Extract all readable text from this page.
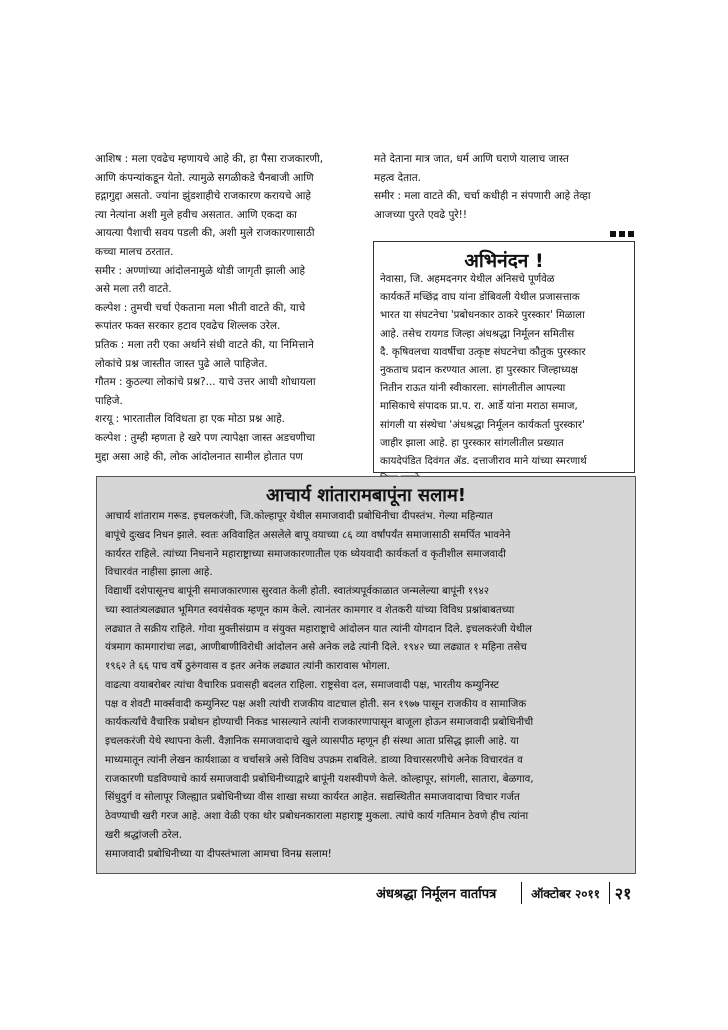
आशिष : मला एवढेच म्हणायचे आहे की, हा पैसा राजकारणी,

आणि कंपन्यांकडून येतो. त्यामुळे सगळीकडे चैनबाजी आणि

हद्गागुद्दा असतो. ज्यांना झुंडशाहीचे राजकारण करायचे आहे

त्या नेत्यांना अशी मुले हवीच असतात. आणि एकदा का

आयत्या पैशाची सवय पडली की, अशी मुले राजकारणासाठी

कच्चा मालच ठरतात.

समीर : अण्णांच्या आंदोलनामुळे थोडी जागृती झाली आहे

असे मला तरी वाटते.

कल्पेश : तुमची चर्चा ऐकताना मला भीती वाटते की, याचे

रूपांतर फक्त सरकार हटाव एवढेच शिल्लक उरेल.

प्रतिक : मला तरी एका अर्थाने संधी वाटते की, या निमित्ताने

लोकांचे प्रश्न जास्तीत जास्त पुढे आले पाहिजेत.

गौतम : कुठल्या लोकांचे प्रश्न?... याचे उत्तर आधी शोधायला

पाहिजे.

शरयू : भारतातील विविधता हा एक मोठा प्रश्न आहे.

कल्पेश : तुम्ही म्हणता हे खरे पण त्यापेक्षा जास्त अडचणीचा

मुद्दा असा आहे की, लोक आंदोलनात सामील होतात पण

मते देताना मात्र जात, धर्म आणि घराणे यालाच जास्त

महत्व देतात.

समीर : मला वाटते की, चर्चा कधीही न संपणारी आहे तेव्हा

आजच्या पुरते एवढे पुरे!!

अभिनंदन !

नेवासा, जि. अहमदनगर येथील अंनिसचे पूर्णवेळ

कार्यकर्ते मच्छिंद्र वाघ यांना डोंबिवली येथील प्रजासत्ताक

भारत या संघटनेचा 'प्रबोधनकार ठाकरे पुरस्कार' मिळाला

आहे. तसेच रायगड जिल्हा अंधश्रद्धा निर्मूलन समितीस

दै. कृषिवलचा यावर्षीचा उत्कृष्ट संघटनेचा कौतुक पुरस्कार

नुकताच प्रदान करण्यात आला. हा पुरस्कार जिल्हाध्यक्ष

नितीन राऊत यांनी स्वीकारला. सांगलीतील आपल्या

मासिकाचे संपादक प्रा.प. रा. आर्डे यांना मराठा समाज,

सांगली या संस्थेचा 'अंधश्रद्धा निर्मूलन कार्यकर्ता पुरस्कार'

जाहीर झाला आहे. हा पुरस्कार सांगलीतील प्रख्यात

कायदेपंडित दिवंगत ॲड. दत्ताजीराव माने यांच्या स्मरणार्थ

आचार्य शांतारामबापूंना सलाम!

आचार्य शांताराम गरूड. इचलकरंजी, जि.कोल्हापूर येथील समाजवादी प्रबोधिनीचा दीपस्तंभ. गेल्या महिन्यात

बापूंचे दुःखद निधन झाले. स्वतः अविवाहित असलेले बापू वयाच्या ८६ व्या वर्षांपर्यंत समाजासाठी समर्पित भावनेने

कार्यरत राहिले. त्यांच्या निधनाने महाराष्ट्राच्या समाजकारणातील एक ध्येयवादी कार्यकर्ता व कृतीशील समाजवादी

विचारवंत नाहीसा झाला आहे.

विद्यार्थी दशेपासूनच बापूंनी समाजकारणास सुरवात केली होती. स्वातंत्र्यपूर्वकाळात जन्मलेल्या बापूंनी १९४२

च्या स्वातंत्र्यलढ्यात भूमिगत स्वयंसेवक म्हणून काम केले. त्यानंतर कामगार व शेतकरी यांच्या विविध प्रश्नांबाबतच्या

लढ्यात ते सक्रीय राहिले. गोवा मुक्तीसंग्राम व संयुक्त महाराष्ट्राचे आंदोलन यात त्यांनी योगदान दिले. इचलकरंजी येथील

यंत्रमाग कामगारांचा लढा, आणीबाणीविरोधी आंदोलन असे अनेक लढे त्यांनी दिले. १९४२ च्या लढ्यात १ महिना तसेच

१९६२ ते ६६ पाच वर्षे ठुरुंगवास व इतर अनेक लढ्यात त्यांनी कारावास भोगला.

वाढत्या वयाबरोबर त्यांचा वैचारिक प्रवासही बदलत राहिला. राष्ट्रसेवा दल, समाजवादी पक्ष, भारतीय कम्युनिस्ट

पक्ष व शेवटी मार्क्सवादी कम्युनिस्ट पक्ष अशी त्यांची राजकीय वाटचाल होती. सन १९७७ पासून राजकीय व सामाजिक

कार्यकर्त्यांचे वैचारिक प्रबोधन होण्याची निकड भासल्याने त्यांनी राजकारणापासून बाजूला होऊन समाजवादी प्रबोधिनीची

इचलकरंजी येथे स्थापना केली. वैज्ञानिक समाजवादाचे खुले व्यासपीठ म्हणून ही संस्था आता प्रसिद्ध झाली आहे. या

माध्यमातून त्यांनी लेखन कार्यशाळा व चर्चासत्रे असे विविध उपक्रम राबविले. डाव्या विचारसरणीचे अनेक विचारवंत व

राजकारणी घडविण्याचे कार्य समाजवादी प्रबोधिनीच्याद्वारे बापूंनी यशस्वीपणे केले. कोल्हापूर, सांगली, सातारा, बेळगाव,

सिंधुदुर्ग व सोलापूर जिल्ह्यात प्रबोधिनीच्या वीस शाखा सध्या कार्यरत आहेत. सद्यस्थितीत समाजवादाचा विचार गर्जत

ठेवण्याची खरी गरज आहे. अशा वेळी एका थोर प्रबोधनकाराला महाराष्ट्र मुकला. त्यांचे कार्य गतिमान ठेवणे हीच त्यांना

खरी श्रद्धांजली ठरेल.

समाजवादी प्रबोधिनीच्या या दीपस्तंभाला आमचा विनम्र सलाम!

अंधश्रद्धा निर्मूलन वार्तापत्र	ऑक्टोबर २०११ २१
